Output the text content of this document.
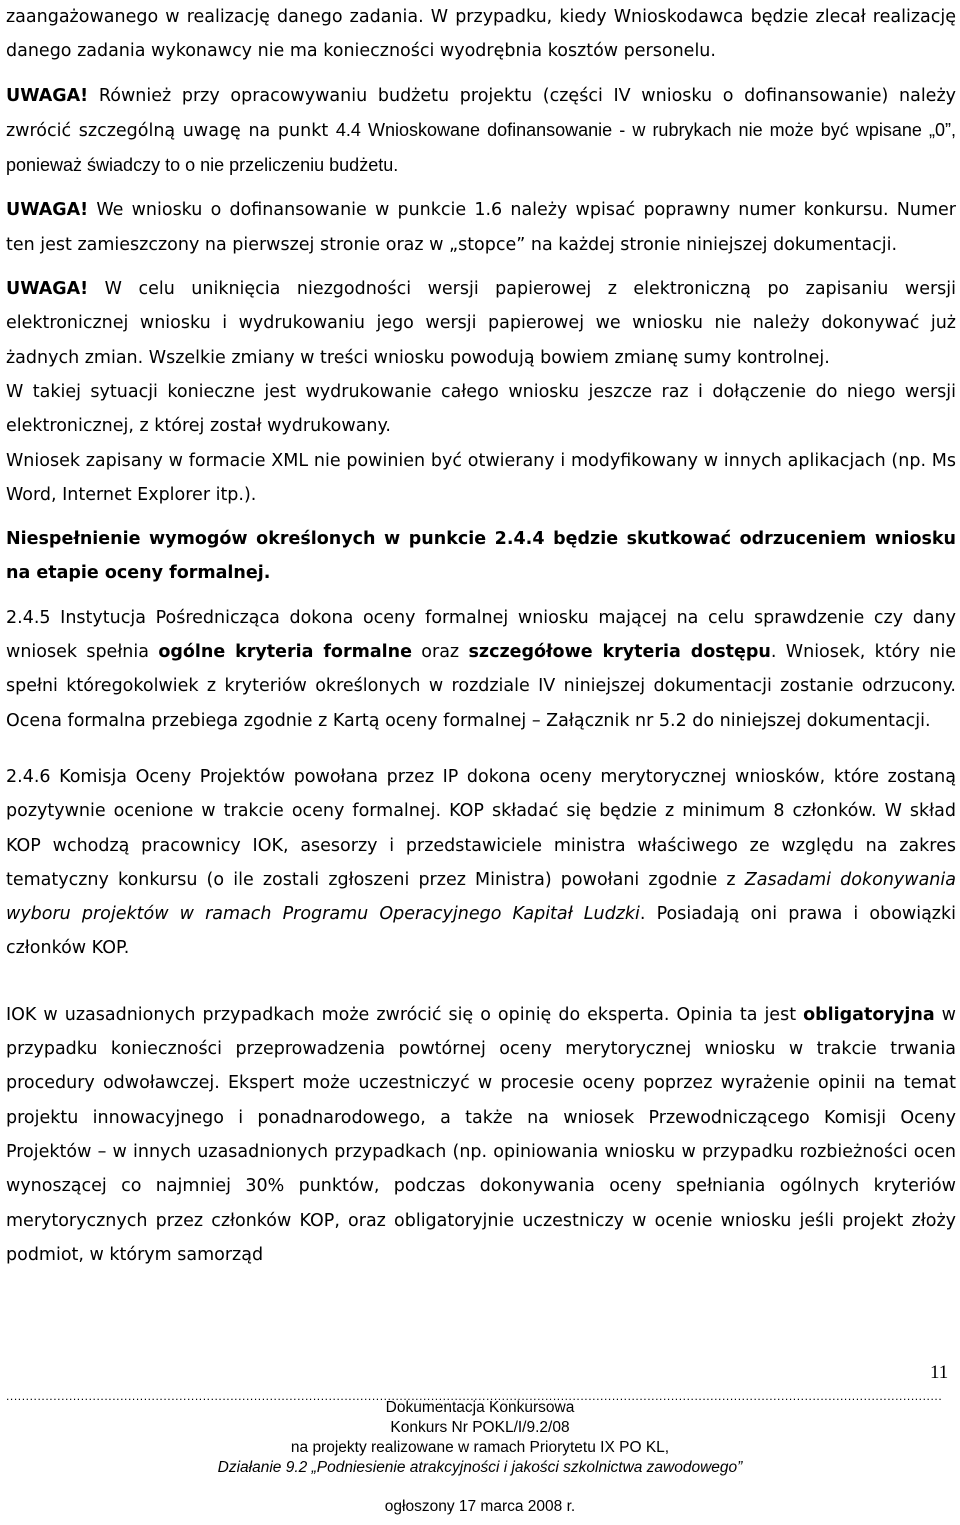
zaangażowanego w realizację danego zadania. W przypadku, kiedy Wnioskodawca będzie zlecał realizację danego zadania wykonawcy nie ma konieczności wyodrębnia kosztów personelu.

UWAGA! Również przy opracowywaniu budżetu projektu (części IV wniosku o dofinansowanie) należy zwrócić szczególną uwagę na punkt 4.4 Wnioskowane dofinansowanie - w rubrykach nie może być wpisane „0”, ponieważ świadczy to o nie przeliczeniu budżetu.

UWAGA! We wniosku o dofinansowanie w punkcie 1.6 należy wpisać poprawny numer konkursu. Numer ten jest zamieszczony na pierwszej stronie oraz w „stopce” na każdej stronie niniejszej dokumentacji.

UWAGA! W celu uniknięcia niezgodności wersji papierowej z elektroniczną po zapisaniu wersji elektronicznej wniosku i wydrukowaniu jego wersji papierowej we wniosku nie należy dokonywać już żadnych zmian. Wszelkie zmiany w treści wniosku powodują bowiem zmianę sumy kontrolnej.

W takiej sytuacji konieczne jest wydrukowanie całego wniosku jeszcze raz i dołączenie do niego wersji elektronicznej, z której został wydrukowany.

Wniosek zapisany w formacie XML nie powinien być otwierany i modyfikowany w innych aplikacjach (np. Ms Word, Internet Explorer itp.).

Niespełnienie wymogów określonych w punkcie 2.4.4 będzie skutkować odrzuceniem wniosku na etapie oceny formalnej.

2.4.5 Instytucja Pośrednicząca dokona oceny formalnej wniosku mającej na celu sprawdzenie czy dany wniosek spełnia ogólne kryteria formalne oraz szczegółowe kryteria dostępu. Wniosek, który nie spełni któregokolwiek z kryteriów określonych w rozdziale IV niniejszej dokumentacji zostanie odrzucony. Ocena formalna przebiega zgodnie z Kartą oceny formalnej – Załącznik nr 5.2 do niniejszej dokumentacji.

2.4.6 Komisja Oceny Projektów powołana przez IP dokona oceny merytorycznej wniosków, które zostaną pozytywnie ocenione w trakcie oceny formalnej. KOP składać się będzie z minimum 8 członków. W skład KOP wchodzą pracownicy IOK, asesorzy i przedstawiciele ministra właściwego ze względu na zakres tematyczny konkursu (o ile zostali zgłoszeni przez Ministra) powołani zgodnie z Zasadami dokonywania wyboru projektów w ramach Programu Operacyjnego Kapitał Ludzki. Posiadają oni prawa i obowiązki członków KOP.

IOK w uzasadnionych przypadkach może zwrócić się o opinię do eksperta. Opinia ta jest obligatoryjna w przypadku konieczności przeprowadzenia powtórnej oceny merytorycznej wniosku w trakcie trwania procedury odwoławczej. Ekspert może uczestniczyć w procesie oceny poprzez wyrażenie opinii na temat projektu innowacyjnego i ponadnarodowego, a także na wniosek Przewodniczącego Komisji Oceny Projektów – w innych uzasadnionych przypadkach (np. opiniowania wniosku w przypadku rozbieżności ocen wynoszącej co najmniej 30% punktów, podczas dokonywania oceny spełniania ogólnych kryteriów merytorycznych przez członków KOP, oraz obligatoryjnie uczestniczy w ocenie wniosku jeśli projekt złoży podmiot, w którym samorząd

11
..............................................................................................................................................................................................................................................
Dokumentacja Konkursowa
Konkurs Nr POKL/I/9.2/08
na projekty realizowane w ramach Priorytetu IX PO KL,
Działanie 9.2 „Podniesienie atrakcyjności i jakości szkolnictwa zawodowego”
ogłoszony 17 marca 2008 r.
